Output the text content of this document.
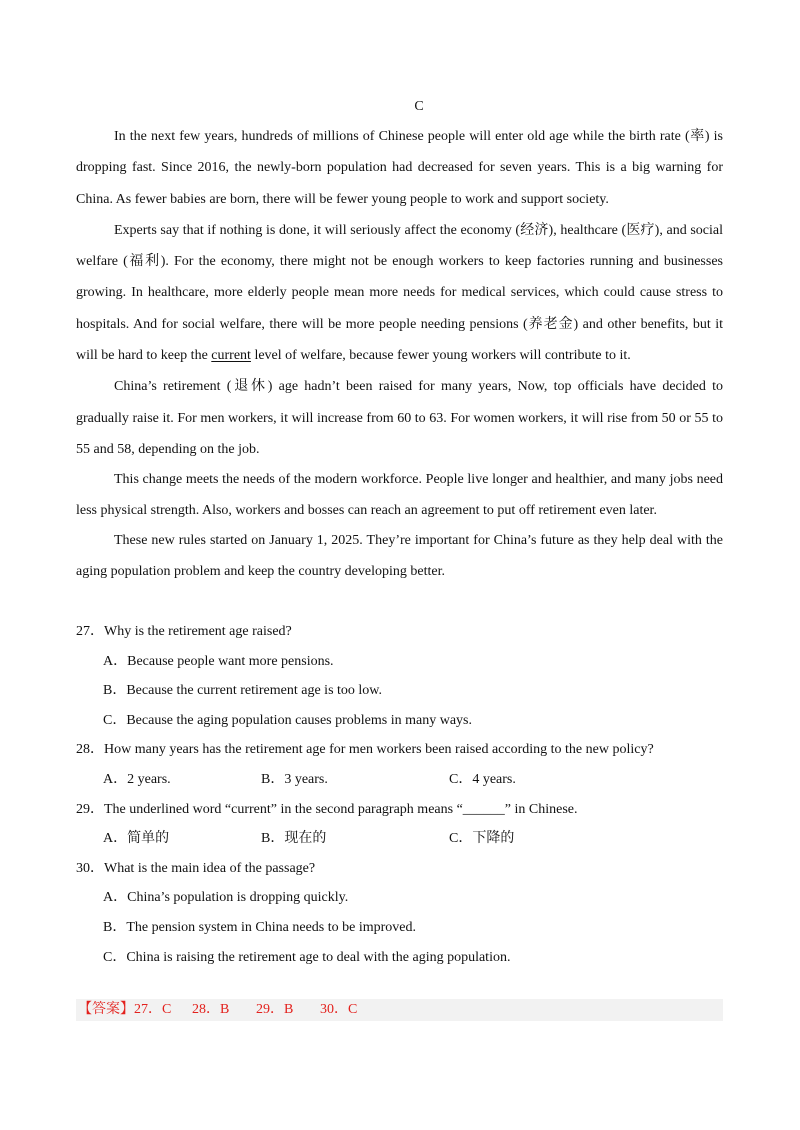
C

In the next few years, hundreds of millions of Chinese people will enter old age while the birth rate (率) is dropping fast. Since 2016, the newly-born population had decreased for seven years. This is a big warning for China. As fewer babies are born, there will be fewer young people to work and support society.

Experts say that if nothing is done, it will seriously affect the economy (经济), healthcare (医疗), and social welfare (福利). For the economy, there might not be enough workers to keep factories running and businesses growing. In healthcare, more elderly people mean more needs for medical services, which could cause stress to hospitals. And for social welfare, there will be more people needing pensions (养老金) and other benefits, but it will be hard to keep the current level of welfare, because fewer young workers will contribute to it.

China’s retirement (退休) age hadn’t been raised for many years, Now, top officials have decided to gradually raise it. For men workers, it will increase from 60 to 63. For women workers, it will rise from 50 or 55 to 55 and 58, depending on the job.

This change meets the needs of the modern workforce. People live longer and healthier, and many jobs need less physical strength. Also, workers and bosses can reach an agreement to put off retirement even later.

These new rules started on January 1, 2025. They’re important for China’s future as they help deal with the aging population problem and keep the country developing better.

27．Why is the retirement age raised?
A．Because people want more pensions.
B．Because the current retirement age is too low.
C．Because the aging population causes problems in many ways.
28．How many years has the retirement age for men workers been raised according to the new policy?
A．2 years.	B．3 years.	C．4 years.
29．The underlined word “current” in the second paragraph means “______” in Chinese.
A．简单的	B．现在的	C．下降的
30．What is the main idea of the passage?
A．China’s population is dropping quickly.
B．The pension system in China needs to be improved.
C．China is raising the retirement age to deal with the aging population.
【答案】27．C 28．B 29．B 30．C
